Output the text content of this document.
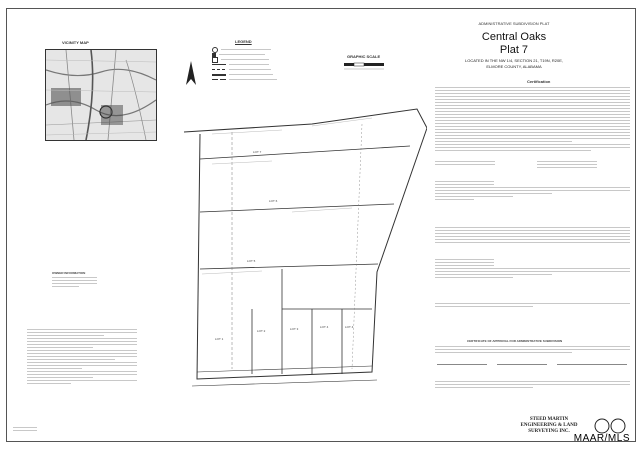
ADMINISTRATIVE SUBDIVISION PLAT
Central Oaks
Plat 7
LOCATED IN THE NW 1/4, SECTION 21, T19N, R20E,
ELMORE COUNTY, ALABAMA
VICINITY MAP	LEGEND
GRAPHIC SCALE
LOT 7
LOT 6
LOT 5
LOT 1
LOT 2	LOT 3	LOT 4	LOT 4
Certification
CERTIFICATE OF APPROVAL FOR ADMINISTRATIVE SUBDIVISION
OWNER INFORMATION
STEED MARTIN
ENGINEERING & LAND
SURVEYING INC.
MAAR/MLS
